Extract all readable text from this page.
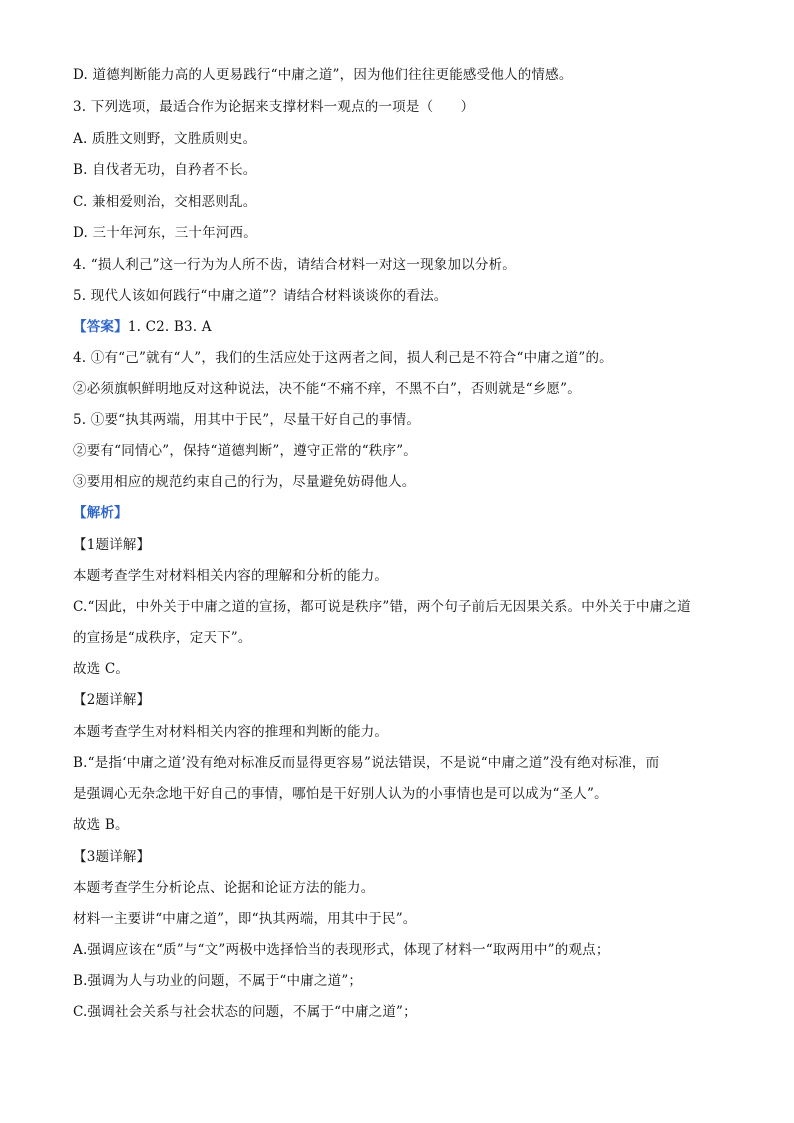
D. 道德判断能力高的人更易践行“中庸之道”，因为他们往往更能感受他人的情感。
3. 下列选项，最适合作为论据来支撑材料一观点的一项是（　　）
A. 质胜文则野，文胜质则史。
B. 自伐者无功，自矜者不长。
C. 兼相爱则治，交相恶则乱。
D. 三十年河东，三十年河西。
4. “损人利己”这一行为为人所不齿，请结合材料一对这一现象加以分析。
5. 现代人该如何践行“中庸之道”？请结合材料谈谈你的看法。
【答案】1. C2. B3. A
4. ①有“己”就有“人”，我们的生活应处于这两者之间，损人利己是不符合“中庸之道”的。
②必须旗帜鲜明地反对这种说法，决不能“不痛不痒，不黑不白”，否则就是“乡愿”。
5. ①要“执其两端，用其中于民”，尽量干好自己的事情。
②要有“同情心”，保持“道德判断”，遵守正常的“秩序”。
③要用相应的规范约束自己的行为，尽量避免妨碍他人。
【解析】
【1题详解】
本题考查学生对材料相关内容的理解和分析的能力。
C.“因此，中外关于中庸之道的宣扬，都可说是秩序”错，两个句子前后无因果关系。中外关于中庸之道
的宣扬是“成秩序，定天下”。
故选 C。
【2题详解】
本题考查学生对材料相关内容的推理和判断的能力。
B.“是指‘中庸之道’没有绝对标准反而显得更容易”说法错误，不是说“中庸之道”没有绝对标准，而
是强调心无杂念地干好自己的事情，哪怕是干好别人认为的小事情也是可以成为“圣人”。
故选 B。
【3题详解】
本题考查学生分析论点、论据和论证方法的能力。
材料一主要讲“中庸之道”，即“执其两端，用其中于民”。
A.强调应该在“质”与“文”两极中选择恰当的表现形式，体现了材料一“取两用中”的观点；
B.强调为人与功业的问题，不属于“中庸之道”；
C.强调社会关系与社会状态的问题，不属于“中庸之道”；
